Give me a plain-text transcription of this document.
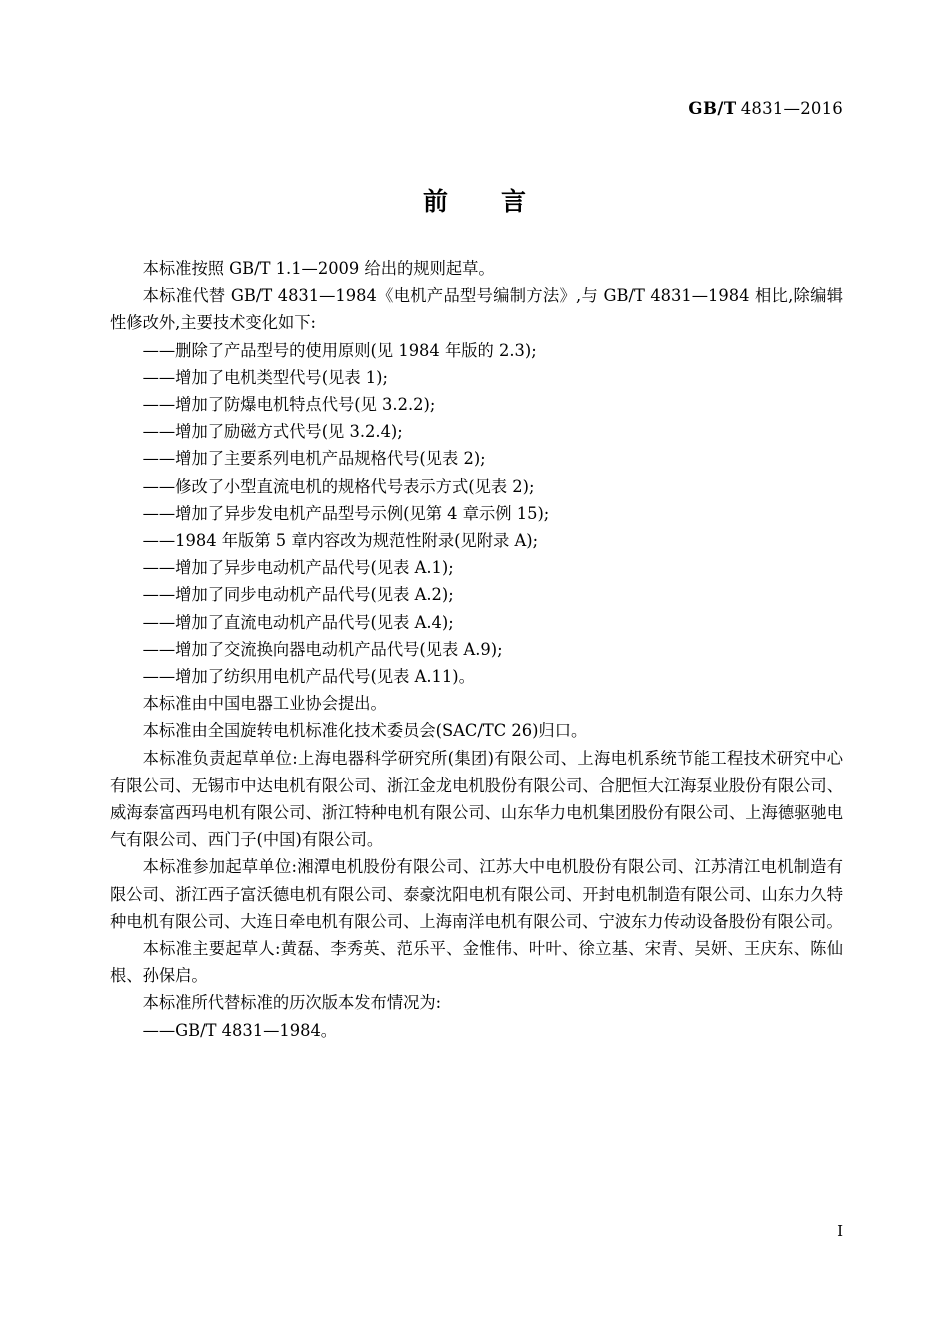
GB/T 4831—2016
前　　言

本标准按照 GB/T 1.1—2009 给出的规则起草。

本标准代替 GB/T 4831—1984《电机产品型号编制方法》,与 GB/T 4831—1984 相比,除编辑性修改外,主要技术变化如下:

——删除了产品型号的使用原则(见 1984 年版的 2.3);
——增加了电机类型代号(见表 1);
——增加了防爆电机特点代号(见 3.2.2);
——增加了励磁方式代号(见 3.2.4);
——增加了主要系列电机产品规格代号(见表 2);
——修改了小型直流电机的规格代号表示方式(见表 2);
——增加了异步发电机产品型号示例(见第 4 章示例 15);
——1984 年版第 5 章内容改为规范性附录(见附录 A);
——增加了异步电动机产品代号(见表 A.1);
——增加了同步电动机产品代号(见表 A.2);
——增加了直流电动机产品代号(见表 A.4);
——增加了交流换向器电动机产品代号(见表 A.9);
——增加了纺织用电机产品代号(见表 A.11)。

本标准由中国电器工业协会提出。

本标准由全国旋转电机标准化技术委员会(SAC/TC 26)归口。

本标准负责起草单位:上海电器科学研究所(集团)有限公司、上海电机系统节能工程技术研究中心有限公司、无锡市中达电机有限公司、浙江金龙电机股份有限公司、合肥恒大江海泵业股份有限公司、威海泰富西玛电机有限公司、浙江特种电机有限公司、山东华力电机集团股份有限公司、上海德驱驰电气有限公司、西门子(中国)有限公司。

本标准参加起草单位:湘潭电机股份有限公司、江苏大中电机股份有限公司、江苏清江电机制造有限公司、浙江西子富沃德电机有限公司、泰豪沈阳电机有限公司、开封电机制造有限公司、山东力久特种电机有限公司、大连日牵电机有限公司、上海南洋电机有限公司、宁波东力传动设备股份有限公司。

本标准主要起草人:黄磊、李秀英、范乐平、金惟伟、叶叶、徐立基、宋青、吴妍、王庆东、陈仙根、孙保启。

本标准所代替标准的历次版本发布情况为:

——GB/T 4831—1984。
I
